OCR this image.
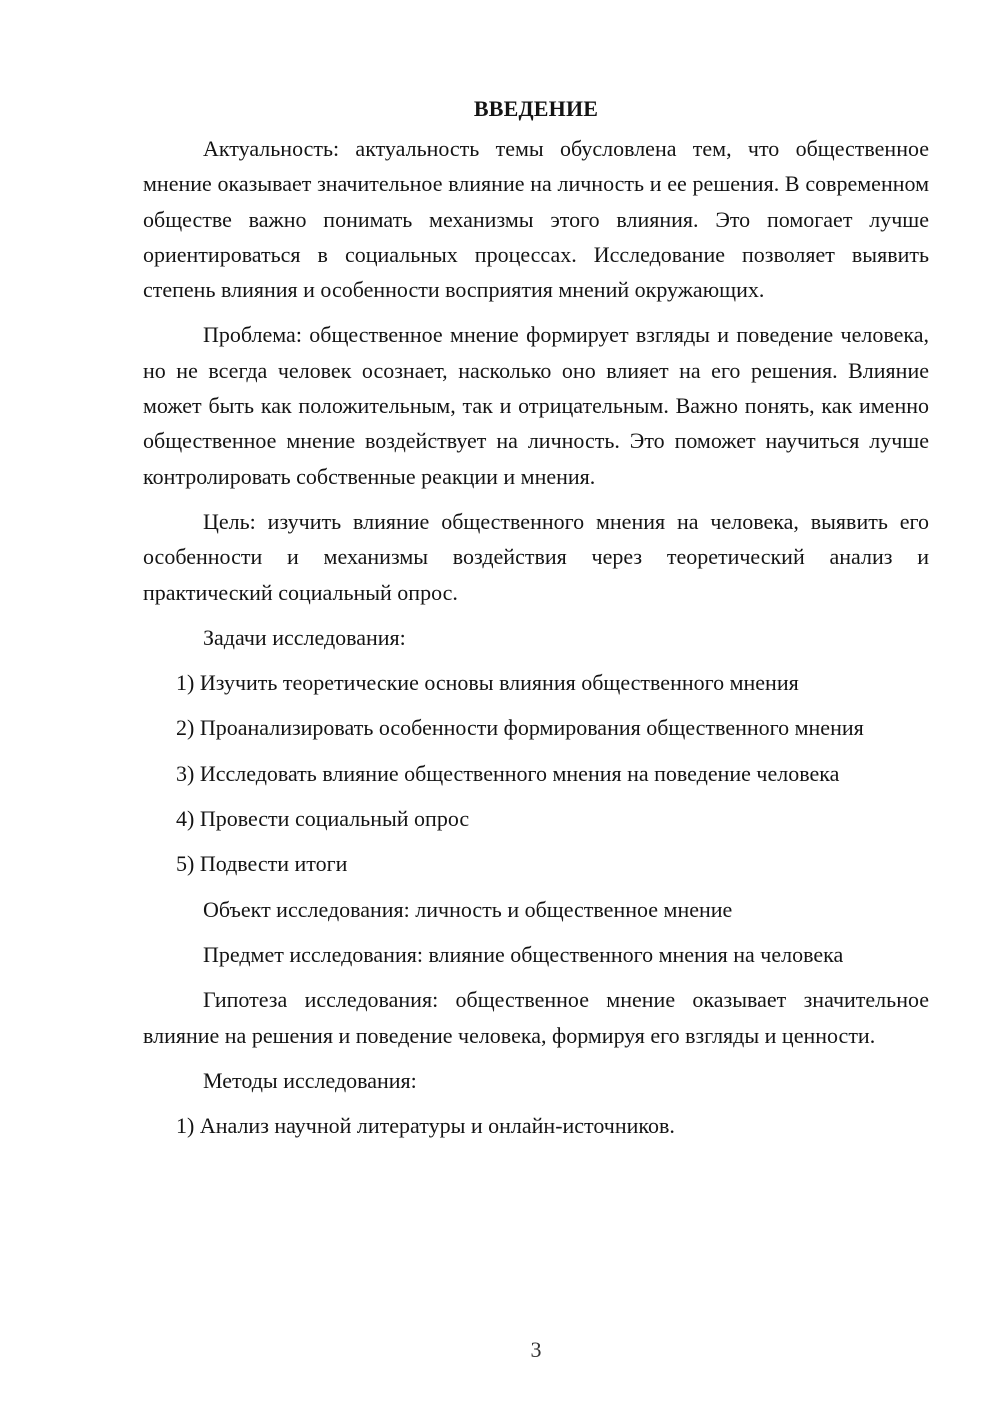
ВВЕДЕНИЕ

Актуальность: актуальность темы обусловлена тем, что общественное мнение оказывает значительное влияние на личность и ее решения. В современном обществе важно понимать механизмы этого влияния. Это помогает лучше ориентироваться в социальных процессах. Исследование позволяет выявить степень влияния и особенности восприятия мнений окружающих.

Проблема: общественное мнение формирует взгляды и поведение человека, но не всегда человек осознает, насколько оно влияет на его решения. Влияние может быть как положительным, так и отрицательным. Важно понять, как именно общественное мнение воздействует на личность. Это поможет научиться лучше контролировать собственные реакции и мнения.

Цель: изучить влияние общественного мнения на человека, выявить его особенности и механизмы воздействия через теоретический анализ и практический социальный опрос.

Задачи исследования:

1) Изучить теоретические основы влияния общественного мнения

2) Проанализировать особенности формирования общественного мнения

3) Исследовать влияние общественного мнения на поведение человека

4) Провести социальный опрос

5) Подвести итоги

Объект исследования: личность и общественное мнение

Предмет исследования: влияние общественного мнения на человека

Гипотеза исследования: общественное мнение оказывает значительное влияние на решения и поведение человека, формируя его взгляды и ценности.

Методы исследования:

1) Анализ научной литературы и онлайн-источников.

3
